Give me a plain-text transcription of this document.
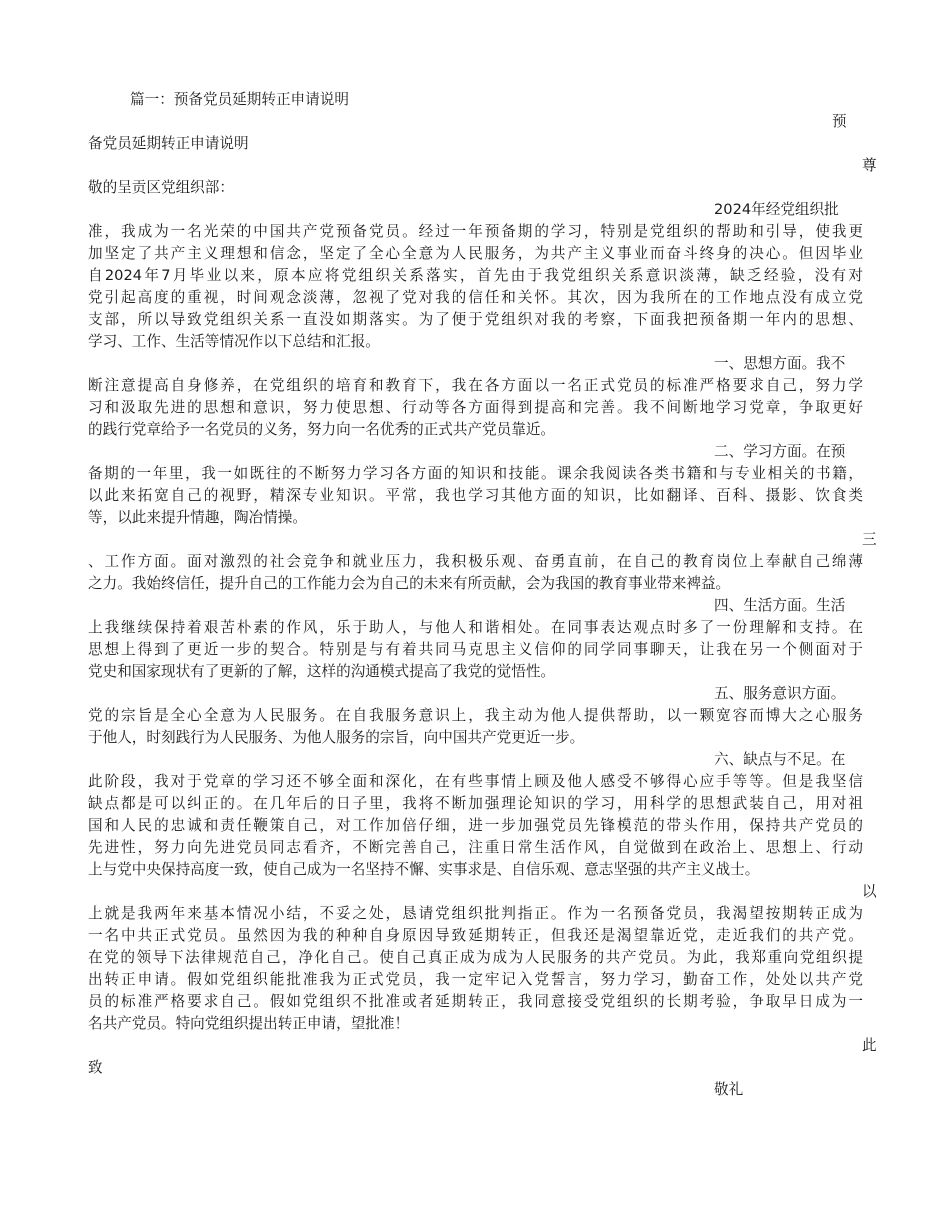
篇一：预备党员延期转正申请说明
预
备党员延期转正申请说明
尊
敬的呈贡区党组织部：
2024年经党组织批
准，我成为一名光荣的中国共产党预备党员。经过一年预备期的学习，特别是党组织的帮助和引导，使我更
加坚定了共产主义理想和信念，坚定了全心全意为人民服务，为共产主义事业而奋斗终身的决心。但因毕业
自2024年7月毕业以来，原本应将党组织关系落实，首先由于我党组织关系意识淡薄，缺乏经验，没有对
党引起高度的重视，时间观念淡薄，忽视了党对我的信任和关怀。其次，因为我所在的工作地点没有成立党
支部，所以导致党组织关系一直没如期落实。为了便于党组织对我的考察，下面我把预备期一年内的思想、
学习、工作、生活等情况作以下总结和汇报。
一、思想方面。我不
断注意提高自身修养，在党组织的培育和教育下，我在各方面以一名正式党员的标准严格要求自己，努力学
习和汲取先进的思想和意识，努力使思想、行动等各方面得到提高和完善。我不间断地学习党章，争取更好
的践行党章给予一名党员的义务，努力向一名优秀的正式共产党员靠近。
二、学习方面。在预
备期的一年里，我一如既往的不断努力学习各方面的知识和技能。课余我阅读各类书籍和与专业相关的书籍，
以此来拓宽自己的视野，精深专业知识。平常，我也学习其他方面的知识，比如翻译、百科、摄影、饮食类
等，以此来提升情趣，陶冶情操。
三
、工作方面。面对激烈的社会竞争和就业压力，我积极乐观、奋勇直前，在自己的教育岗位上奉献自己绵薄
之力。我始终信任，提升自己的工作能力会为自己的未来有所贡献，会为我国的教育事业带来裨益。
四、生活方面。生活
上我继续保持着艰苦朴素的作风，乐于助人，与他人和谐相处。在同事表达观点时多了一份理解和支持。在
思想上得到了更近一步的契合。特别是与有着共同马克思主义信仰的同学同事聊天，让我在另一个侧面对于
党史和国家现状有了更新的了解，这样的沟通模式提高了我党的觉悟性。
五、服务意识方面。
党的宗旨是全心全意为人民服务。在自我服务意识上，我主动为他人提供帮助，以一颗宽容而博大之心服务
于他人，时刻践行为人民服务、为他人服务的宗旨，向中国共产党更近一步。
六、缺点与不足。在
此阶段，我对于党章的学习还不够全面和深化，在有些事情上顾及他人感受不够得心应手等等。但是我坚信
缺点都是可以纠正的。在几年后的日子里，我将不断加强理论知识的学习，用科学的思想武装自己，用对祖
国和人民的忠诚和责任鞭策自己，对工作加倍仔细，进一步加强党员先锋模范的带头作用，保持共产党员的
先进性，努力向先进党员同志看齐，不断完善自己，注重日常生活作风，自觉做到在政治上、思想上、行动
上与党中央保持高度一致，使自己成为一名坚持不懈、实事求是、自信乐观、意志坚强的共产主义战士。
以
上就是我两年来基本情况小结，不妥之处，恳请党组织批判指正。作为一名预备党员，我渴望按期转正成为
一名中共正式党员。虽然因为我的种种自身原因导致延期转正，但我还是渴望靠近党，走近我们的共产党。
在党的领导下法律规范自己，净化自己。使自己真正成为成为人民服务的共产党员。为此，我郑重向党组织提
出转正申请。假如党组织能批准我为正式党员，我一定牢记入党誓言，努力学习，勤奋工作，处处以共产党
员的标准严格要求自己。假如党组织不批准或者延期转正，我同意接受党组织的长期考验，争取早日成为一
名共产党员。特向党组织提出转正申请，望批准！
此
致
敬礼
